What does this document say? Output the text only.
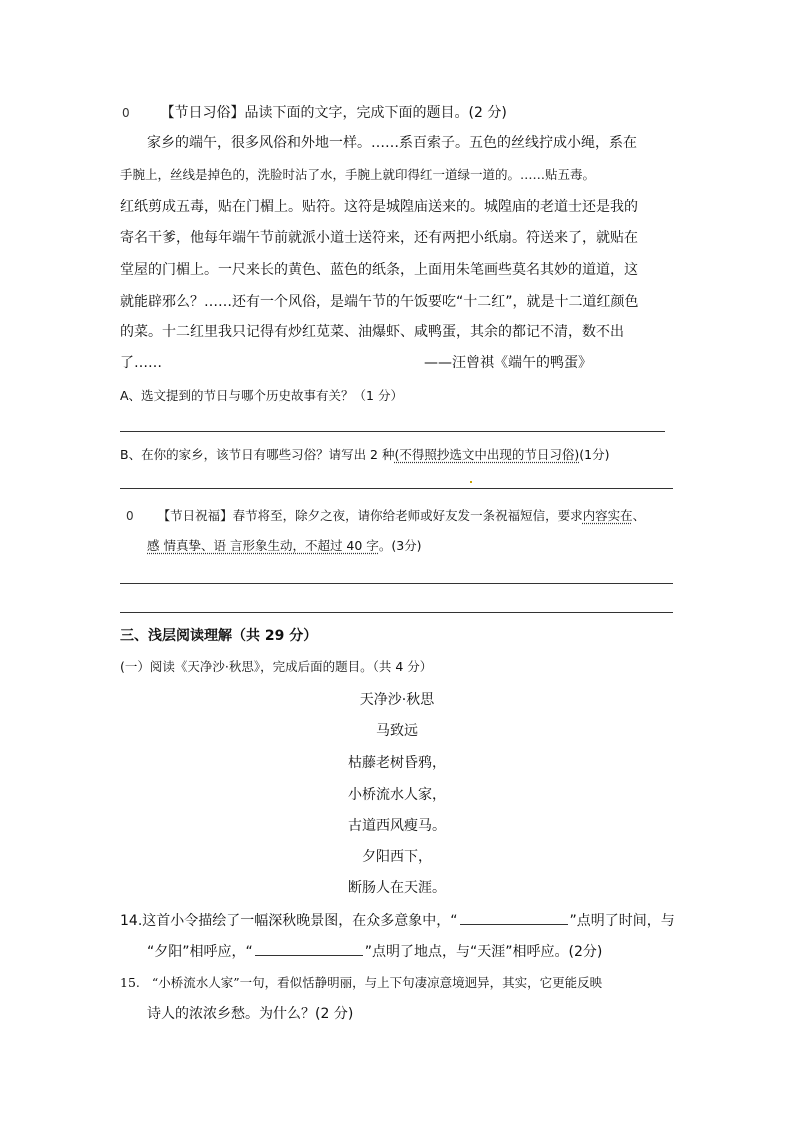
0 【节日习俗】品读下面的文字，完成下面的题目。(2 分)
家乡的端午，很多风俗和外地一样。……系百索子。五色的丝线拧成小绳，系在
手腕上，丝线是掉色的，洗脸时沾了水，手腕上就印得红一道绿一道的。……贴五毒。
红纸剪成五毒，贴在门楣上。贴符。这符是城隍庙送来的。城隍庙的老道士还是我的
寄名干爹，他每年端午节前就派小道士送符来，还有两把小纸扇。符送来了，就贴在
堂屋的门楣上。一尺来长的黄色、蓝色的纸条，上面用朱笔画些莫名其妙的道道，这
就能辟邪么？……还有一个风俗，是端午节的午饭要吃“十二红”，就是十二道红颜色
的菜。十二红里我只记得有炒红苋菜、油爆虾、咸鸭蛋，其余的都记不清，数不出
了……	——汪曾祺《端午的鸭蛋》
A、选文提到的节日与哪个历史故事有关？（1 分）
B、在你的家乡，该节日有哪些习俗？请写出 2 种(不得照抄选文中出现的节日习俗)(1分)
0 【节日祝福】春节将至，除夕之夜，请你给老师或好友发一条祝福短信，要求内容实在、
感 情真挚、语 言形象生动，不超过 40 字。(3分)
三、浅层阅读理解（共 29 分）
(一）阅读《天净沙·秋思》，完成后面的题目。（共 4 分）
天净沙·秋思
马致远
枯藤老树昏鸦，
小桥流水人家，
古道西风瘦马。
夕阳西下，
断肠人在天涯。
14.这首小令描绘了一幅深秋晚景图，在众多意象中，“	”点明了时间，与
“夕阳”相呼应，“	”点明了地点，与“天涯”相呼应。(2分)
15. “小桥流水人家”一句，看似恬静明丽，与上下句凄凉意境迥异，其实，它更能反映
诗人的浓浓乡愁。为什么？(2 分)
